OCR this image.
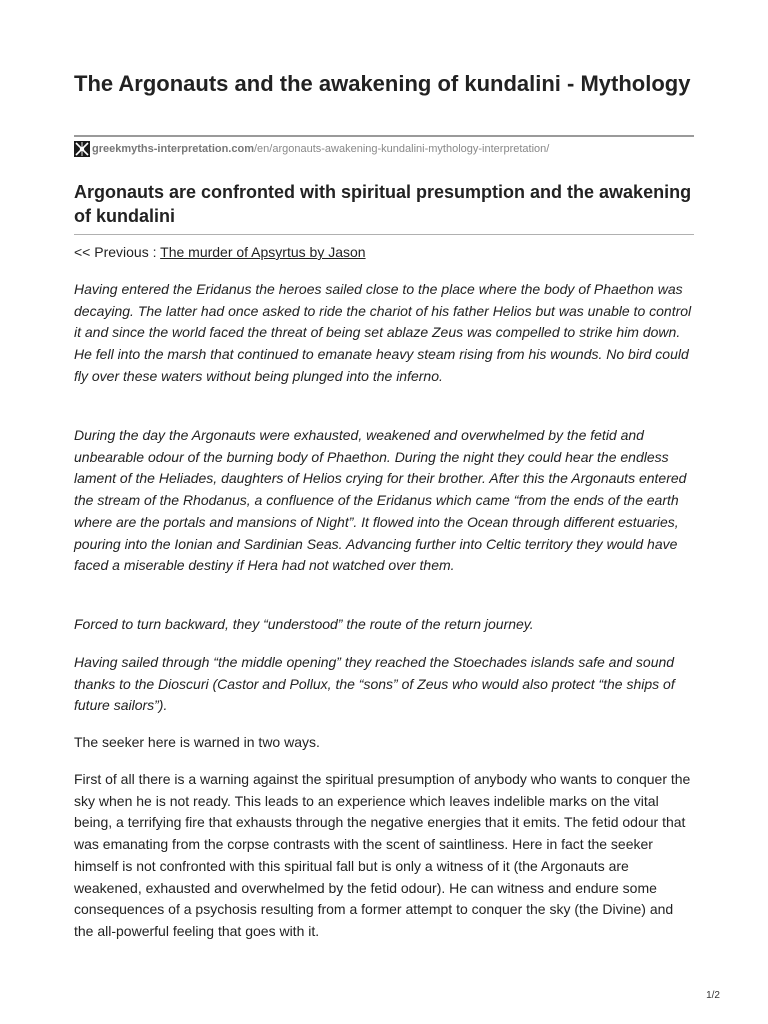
The Argonauts and the awakening of kundalini - Mythology
greekmyths-interpretation.com/en/argonauts-awakening-kundalini-mythology-interpretation/
Argonauts are confronted with spiritual presumption and the awakening of kundalini
<< Previous : The murder of Apsyrtus by Jason

Having entered the Eridanus the heroes sailed close to the place where the body of Phaethon was decaying. The latter had once asked to ride the chariot of his father Helios but was unable to control it and since the world faced the threat of being set ablaze Zeus was compelled to strike him down. He fell into the marsh that continued to emanate heavy steam rising from his wounds. No bird could fly over these waters without being plunged into the inferno.

During the day the Argonauts were exhausted, weakened and overwhelmed by the fetid and unbearable odour of the burning body of Phaethon. During the night they could hear the endless lament of the Heliades, daughters of Helios crying for their brother. After this the Argonauts entered the stream of the Rhodanus, a confluence of the Eridanus which came “from the ends of the earth where are the portals and mansions of Night”. It flowed into the Ocean through different estuaries, pouring into the Ionian and Sardinian Seas. Advancing further into Celtic territory they would have faced a miserable destiny if Hera had not watched over them.

Forced to turn backward, they “understood” the route of the return journey.

Having sailed through “the middle opening” they reached the Stoechades islands safe and sound thanks to the Dioscuri (Castor and Pollux, the “sons” of Zeus who would also protect “the ships of future sailors”).

The seeker here is warned in two ways.

First of all there is a warning against the spiritual presumption of anybody who wants to conquer the sky when he is not ready. This leads to an experience which leaves indelible marks on the vital being, a terrifying fire that exhausts through the negative energies that it emits. The fetid odour that was emanating from the corpse contrasts with the scent of saintliness. Here in fact the seeker himself is not confronted with this spiritual fall but is only a witness of it (the Argonauts are weakened, exhausted and overwhelmed by the fetid odour). He can witness and endure some consequences of a psychosis resulting from a former attempt to conquer the sky (the Divine) and the all-powerful feeling that goes with it.

1/2
